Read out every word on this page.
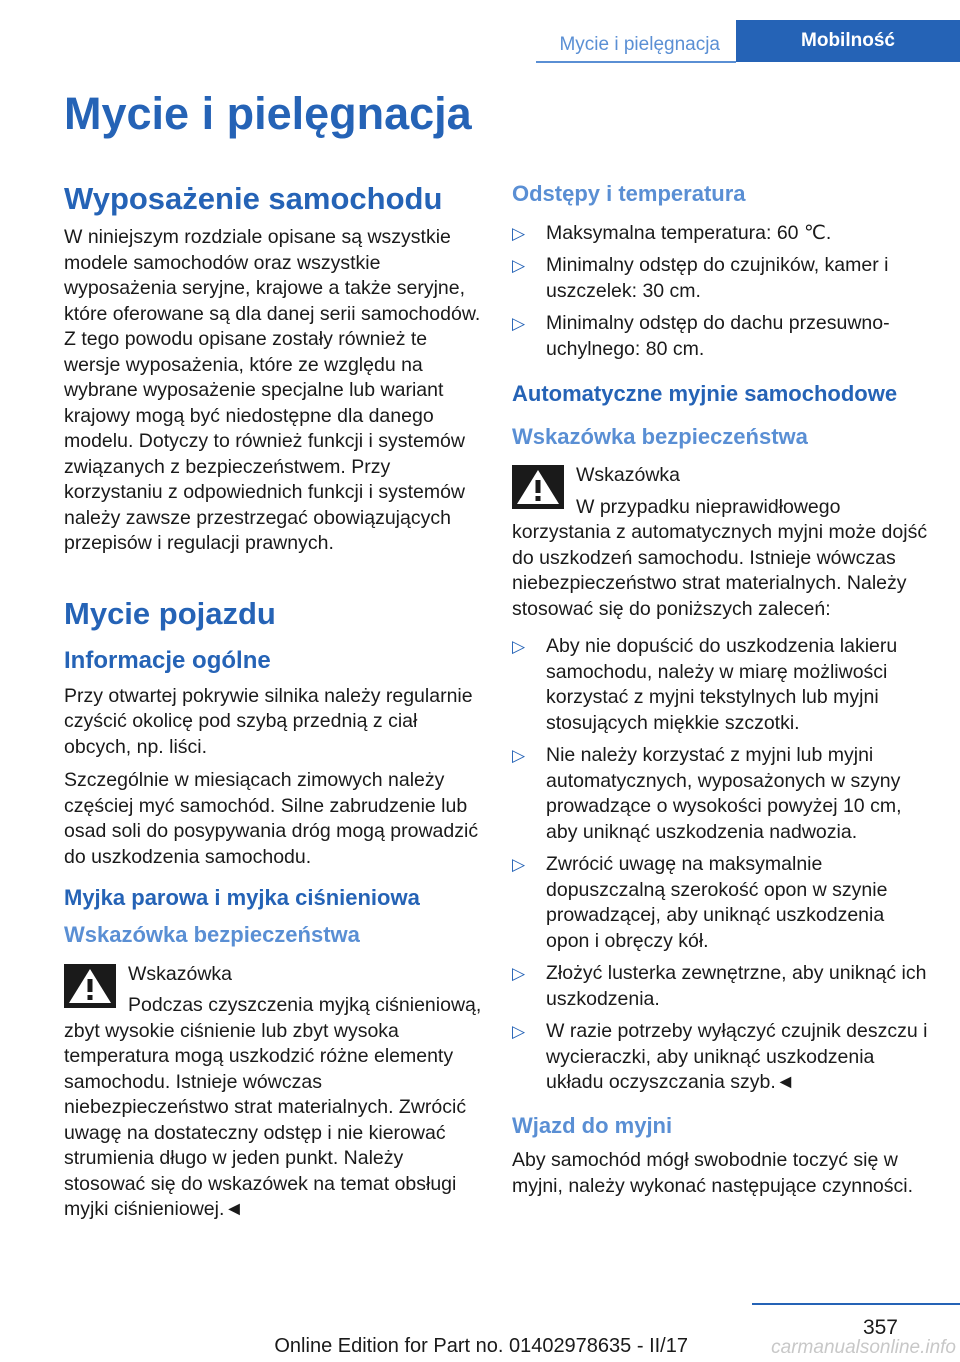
Mycie i pielęgnacja	Mobilność
Mycie i pielęgnacja
Wyposażenie samochodu

W niniejszym rozdziale opisane są wszystkie modele samochodów oraz wszystkie wyposażenia seryjne, krajowe a także seryjne, które oferowane są dla danej serii samochodów. Z tego powodu opisane zostały również te wersje wyposażenia, które ze względu na wybrane wyposażenie specjalne lub wariant krajowy mogą być niedostępne dla danego modelu. Dotyczy to również funkcji i systemów związanych z bezpieczeństwem. Przy korzystaniu z odpowiednich funkcji i systemów należy zawsze przestrzegać obowiązujących przepisów i regulacji prawnych.

Mycie pojazdu
Informacje ogólne

Przy otwartej pokrywie silnika należy regularnie czyścić okolicę pod szybą przednią z ciał obcych, np. liści.

Szczególnie w miesiącach zimowych należy częściej myć samochód. Silne zabrudzenie lub osad soli do posypywania dróg mogą prowadzić do uszkodzenia samochodu.

Myjka parowa i myjka ciśnieniowa
Wskazówka bezpieczeństwa

Wskazówka

Podczas czyszczenia myjką ciśnieniową, zbyt wysokie ciśnienie lub zbyt wysoka temperatura mogą uszkodzić różne elementy samochodu. Istnieje wówczas niebezpieczeństwo strat materialnych. Zwrócić uwagę na dostateczny odstęp i nie kierować strumienia długo w jeden punkt. Należy stosować się do wskazówek na temat obsługi myjki ciśnieniowej.◄

Odstępy i temperatura
▷ Maksymalna temperatura: 60 ℃.
▷ Minimalny odstęp do czujników, kamer i uszczelek: 30 cm.
▷ Minimalny odstęp do dachu przesuwno-uchylnego: 80 cm.
Automatyczne myjnie samochodowe
Wskazówka bezpieczeństwa

Wskazówka

W przypadku nieprawidłowego korzystania z automatycznych myjni może dojść do uszkodzeń samochodu. Istnieje wówczas niebezpieczeństwo strat materialnych. Należy stosować się do poniższych zaleceń:

▷ Aby nie dopuścić do uszkodzenia lakieru samochodu, należy w miarę możliwości korzystać z myjni tekstylnych lub myjni stosujących miękkie szczotki.
▷ Nie należy korzystać z myjni lub myjni automatycznych, wyposażonych w szyny prowadzące o wysokości powyżej 10 cm, aby uniknąć uszkodzenia nadwozia.
▷ Zwrócić uwagę na maksymalnie dopuszczalną szerokość opon w szynie prowadzącej, aby uniknąć uszkodzenia opon i obręczy kół.
▷ Złożyć lusterka zewnętrzne, aby uniknąć ich uszkodzenia.
▷ W razie potrzeby wyłączyć czujnik deszczu i wycieraczki, aby uniknąć uszkodzenia układu oczyszczania szyb.◄
Wjazd do myjni

Aby samochód mógł swobodnie toczyć się w myjni, należy wykonać następujące czynności.

357
Online Edition for Part no. 01402978635 - II/17	carmanualsonline.info
